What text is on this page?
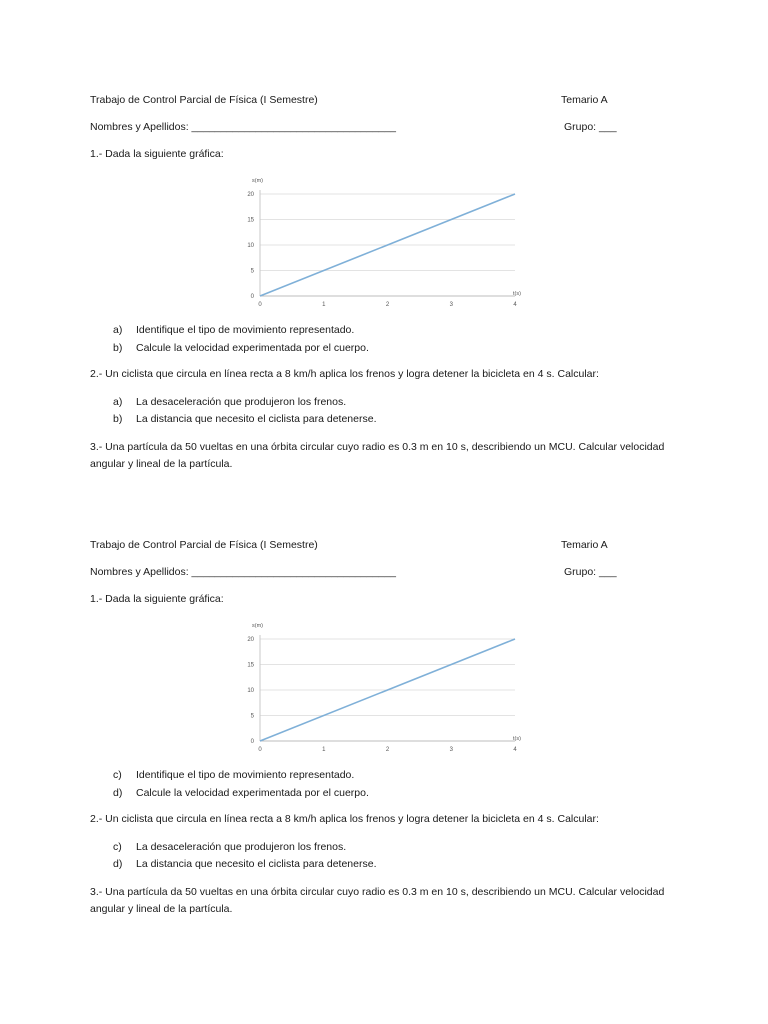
Trabajo de Control Parcial de Física (I Semestre)	Temario A
Nombres y Apellidos: ___________________________________	Grupo: ___
1.- Dada la siguiente gráfica:
0
5
10
15
20
0	1	2	3	4
s(m)
t(s)
a) Identifique el tipo de movimiento representado.
b) Calcule la velocidad experimentada por el cuerpo.
2.- Un ciclista que circula en línea recta a 8 km/h aplica los frenos y logra detener la bicicleta en 4 s. Calcular:
a) La desaceleración que produjeron los frenos.
b) La distancia que necesito el ciclista para detenerse.
3.- Una partícula da 50 vueltas en una órbita circular cuyo radio es 0.3 m en 10 s, describiendo un MCU. Calcular velocidad angular y lineal de la partícula.
Trabajo de Control Parcial de Física (I Semestre)	Temario A
Nombres y Apellidos: ___________________________________	Grupo: ___
1.- Dada la siguiente gráfica:
0
5
10
15
20
0	1	2	3	4
s(m)
t(s)
c) Identifique el tipo de movimiento representado.
d) Calcule la velocidad experimentada por el cuerpo.
2.- Un ciclista que circula en línea recta a 8 km/h aplica los frenos y logra detener la bicicleta en 4 s. Calcular:
c) La desaceleración que produjeron los frenos.
d) La distancia que necesito el ciclista para detenerse.
3.- Una partícula da 50 vueltas en una órbita circular cuyo radio es 0.3 m en 10 s, describiendo un MCU. Calcular velocidad angular y lineal de la partícula.
